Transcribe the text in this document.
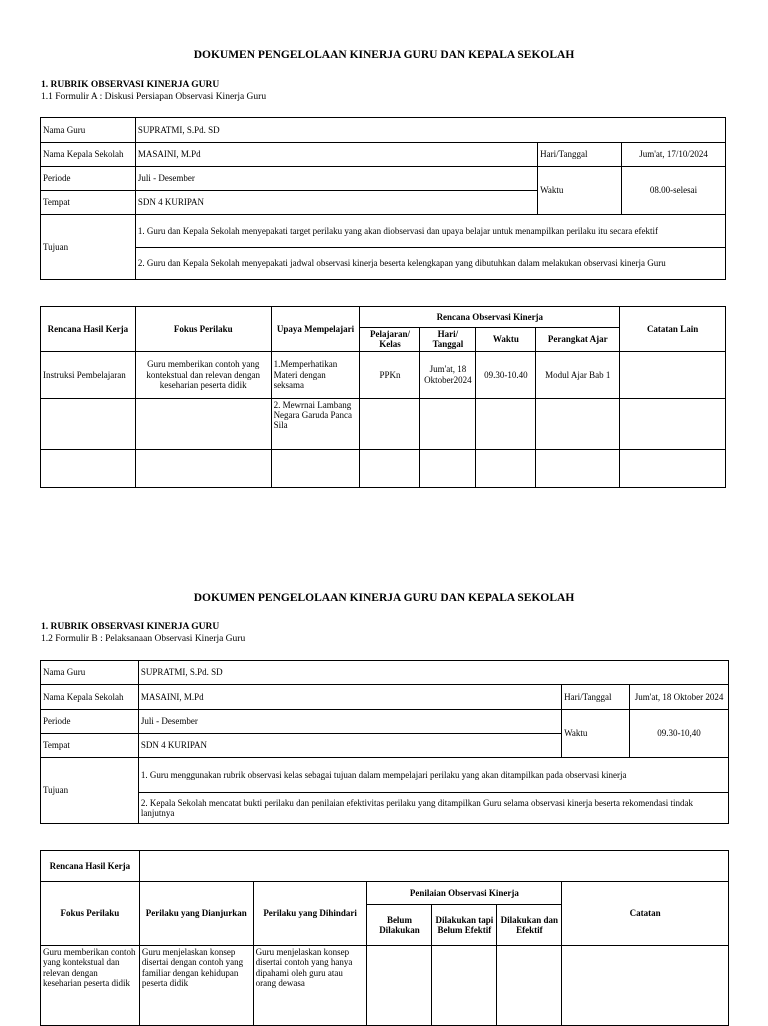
DOKUMEN PENGELOLAAN KINERJA GURU DAN KEPALA SEKOLAH
1. RUBRIK OBSERVASI KINERJA GURU
1.1 Formulir A : Diskusi Persiapan Observasi Kinerja Guru
Nama Guru	SUPRATMI, S.Pd. SD		
Nama Kepala Sekolah	MASAINI, M.Pd	Hari/Tanggal	Jum'at, 17/10/2024
Periode	Juli - Desember	Waktu	08.00-selesai
Tempat	SDN 4 KURIPAN		
Tujuan	1. Guru dan Kepala Sekolah menyepakati target perilaku yang akan diobservasi dan upaya belajar untuk menampilkan perilaku itu secara efektif		
	2. Guru dan Kepala Sekolah menyepakati jadwal observasi kinerja beserta kelengkapan yang dibutuhkan dalam melakukan observasi kinerja Guru		
Rencana Hasil Kerja	Fokus Perilaku	Upaya Mempelajari	Rencana Observasi Kinerja				Catatan Lain
			Pelajaran/ Kelas	Hari/ Tanggal	Waktu	Perangkat Ajar	
Instruksi Pembelajaran	Guru memberikan contoh yang kontekstual dan relevan dengan keseharian peserta didik	1.Memperhatikan Materi dengan seksama	PPKn	Jum'at, 18 Oktober2024	09.30-10.40	Modul Ajar Bab 1	
		2. Mewrnai Lambang Negara Garuda Panca Sila					

DOKUMEN PENGELOLAAN KINERJA GURU DAN KEPALA SEKOLAH
1. RUBRIK OBSERVASI KINERJA GURU
1.2 Formulir B : Pelaksanaan Observasi Kinerja Guru
Nama Guru	SUPRATMI, S.Pd. SD		
Nama Kepala Sekolah	MASAINI, M.Pd	Hari/Tanggal	Jum'at, 18 Oktober 2024
Periode	Juli - Desember	Waktu	09.30-10,40
Tempat	SDN 4 KURIPAN		
Tujuan	1. Guru menggunakan rubrik observasi kelas sebagai tujuan dalam mempelajari perilaku yang akan ditampilkan pada observasi kinerja		
	2. Kepala Sekolah mencatat bukti perilaku dan penilaian efektivitas perilaku yang ditampilkan Guru selama observasi kinerja beserta rekomendasi tindak lanjutnya		
Rencana Hasil Kerja						
Fokus Perilaku	Perilaku yang Dianjurkan	Perilaku yang Dihindari	Penilaian Observasi Kinerja			Catatan
			Belum Dilakukan	Dilakukan tapi Belum Efektif	Dilakukan dan Efektif	
Guru memberikan contoh yang kontekstual dan relevan dengan keseharian peserta didik	Guru menjelaskan konsep disertai dengan contoh yang familiar dengan kehidupan peserta didik	Guru menjelaskan konsep disertai contoh yang hanya dipahami oleh guru atau orang dewasa				
